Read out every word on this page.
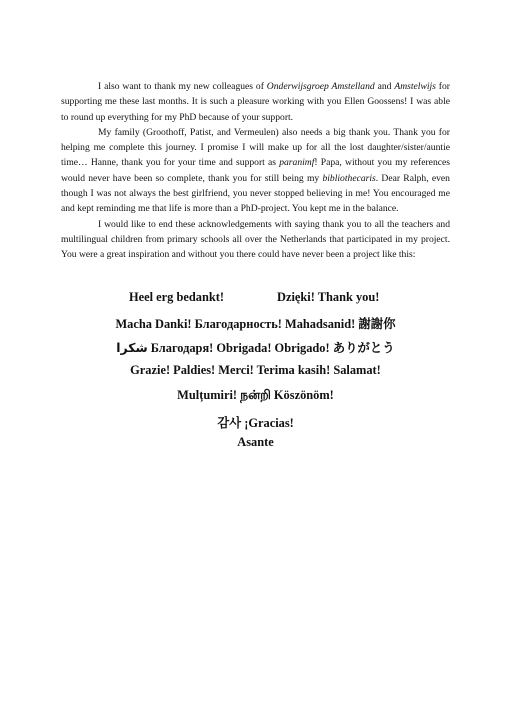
I also want to thank my new colleagues of Onderwijsgroep Amstelland and Amstelwijs for supporting me these last months. It is such a pleasure working with you Ellen Goossens! I was able to round up everything for my PhD because of your support.

My family (Groothoff, Patist, and Vermeulen) also needs a big thank you. Thank you for helping me complete this journey. I promise I will make up for all the lost daughter/sister/auntie time… Hanne, thank you for your time and support as paranimf! Papa, without you my references would never have been so complete, thank you for still being my bibliothecaris. Dear Ralph, even though I was not always the best girlfriend, you never stopped believing in me! You encouraged me and kept reminding me that life is more than a PhD-project. You kept me in the balance.

I would like to end these acknowledgements with saying thank you to all the teachers and multilingual children from primary schools all over the Netherlands that participated in my project. You were a great inspiration and without you there could have never been a project like this:

Heel erg bedankt!	Dzięki! Thank you!
Macha Danki! Благодарность! Mahadsanid! 謝謝你
شكرا Благодаря! Obrigada! Obrigado! ありがとう
Grazie! Paldies! Merci! Terima kasih! Salamat!
Mulțumiri! நன்றி Köszönöm!
감사 ¡Gracias!
Asante
